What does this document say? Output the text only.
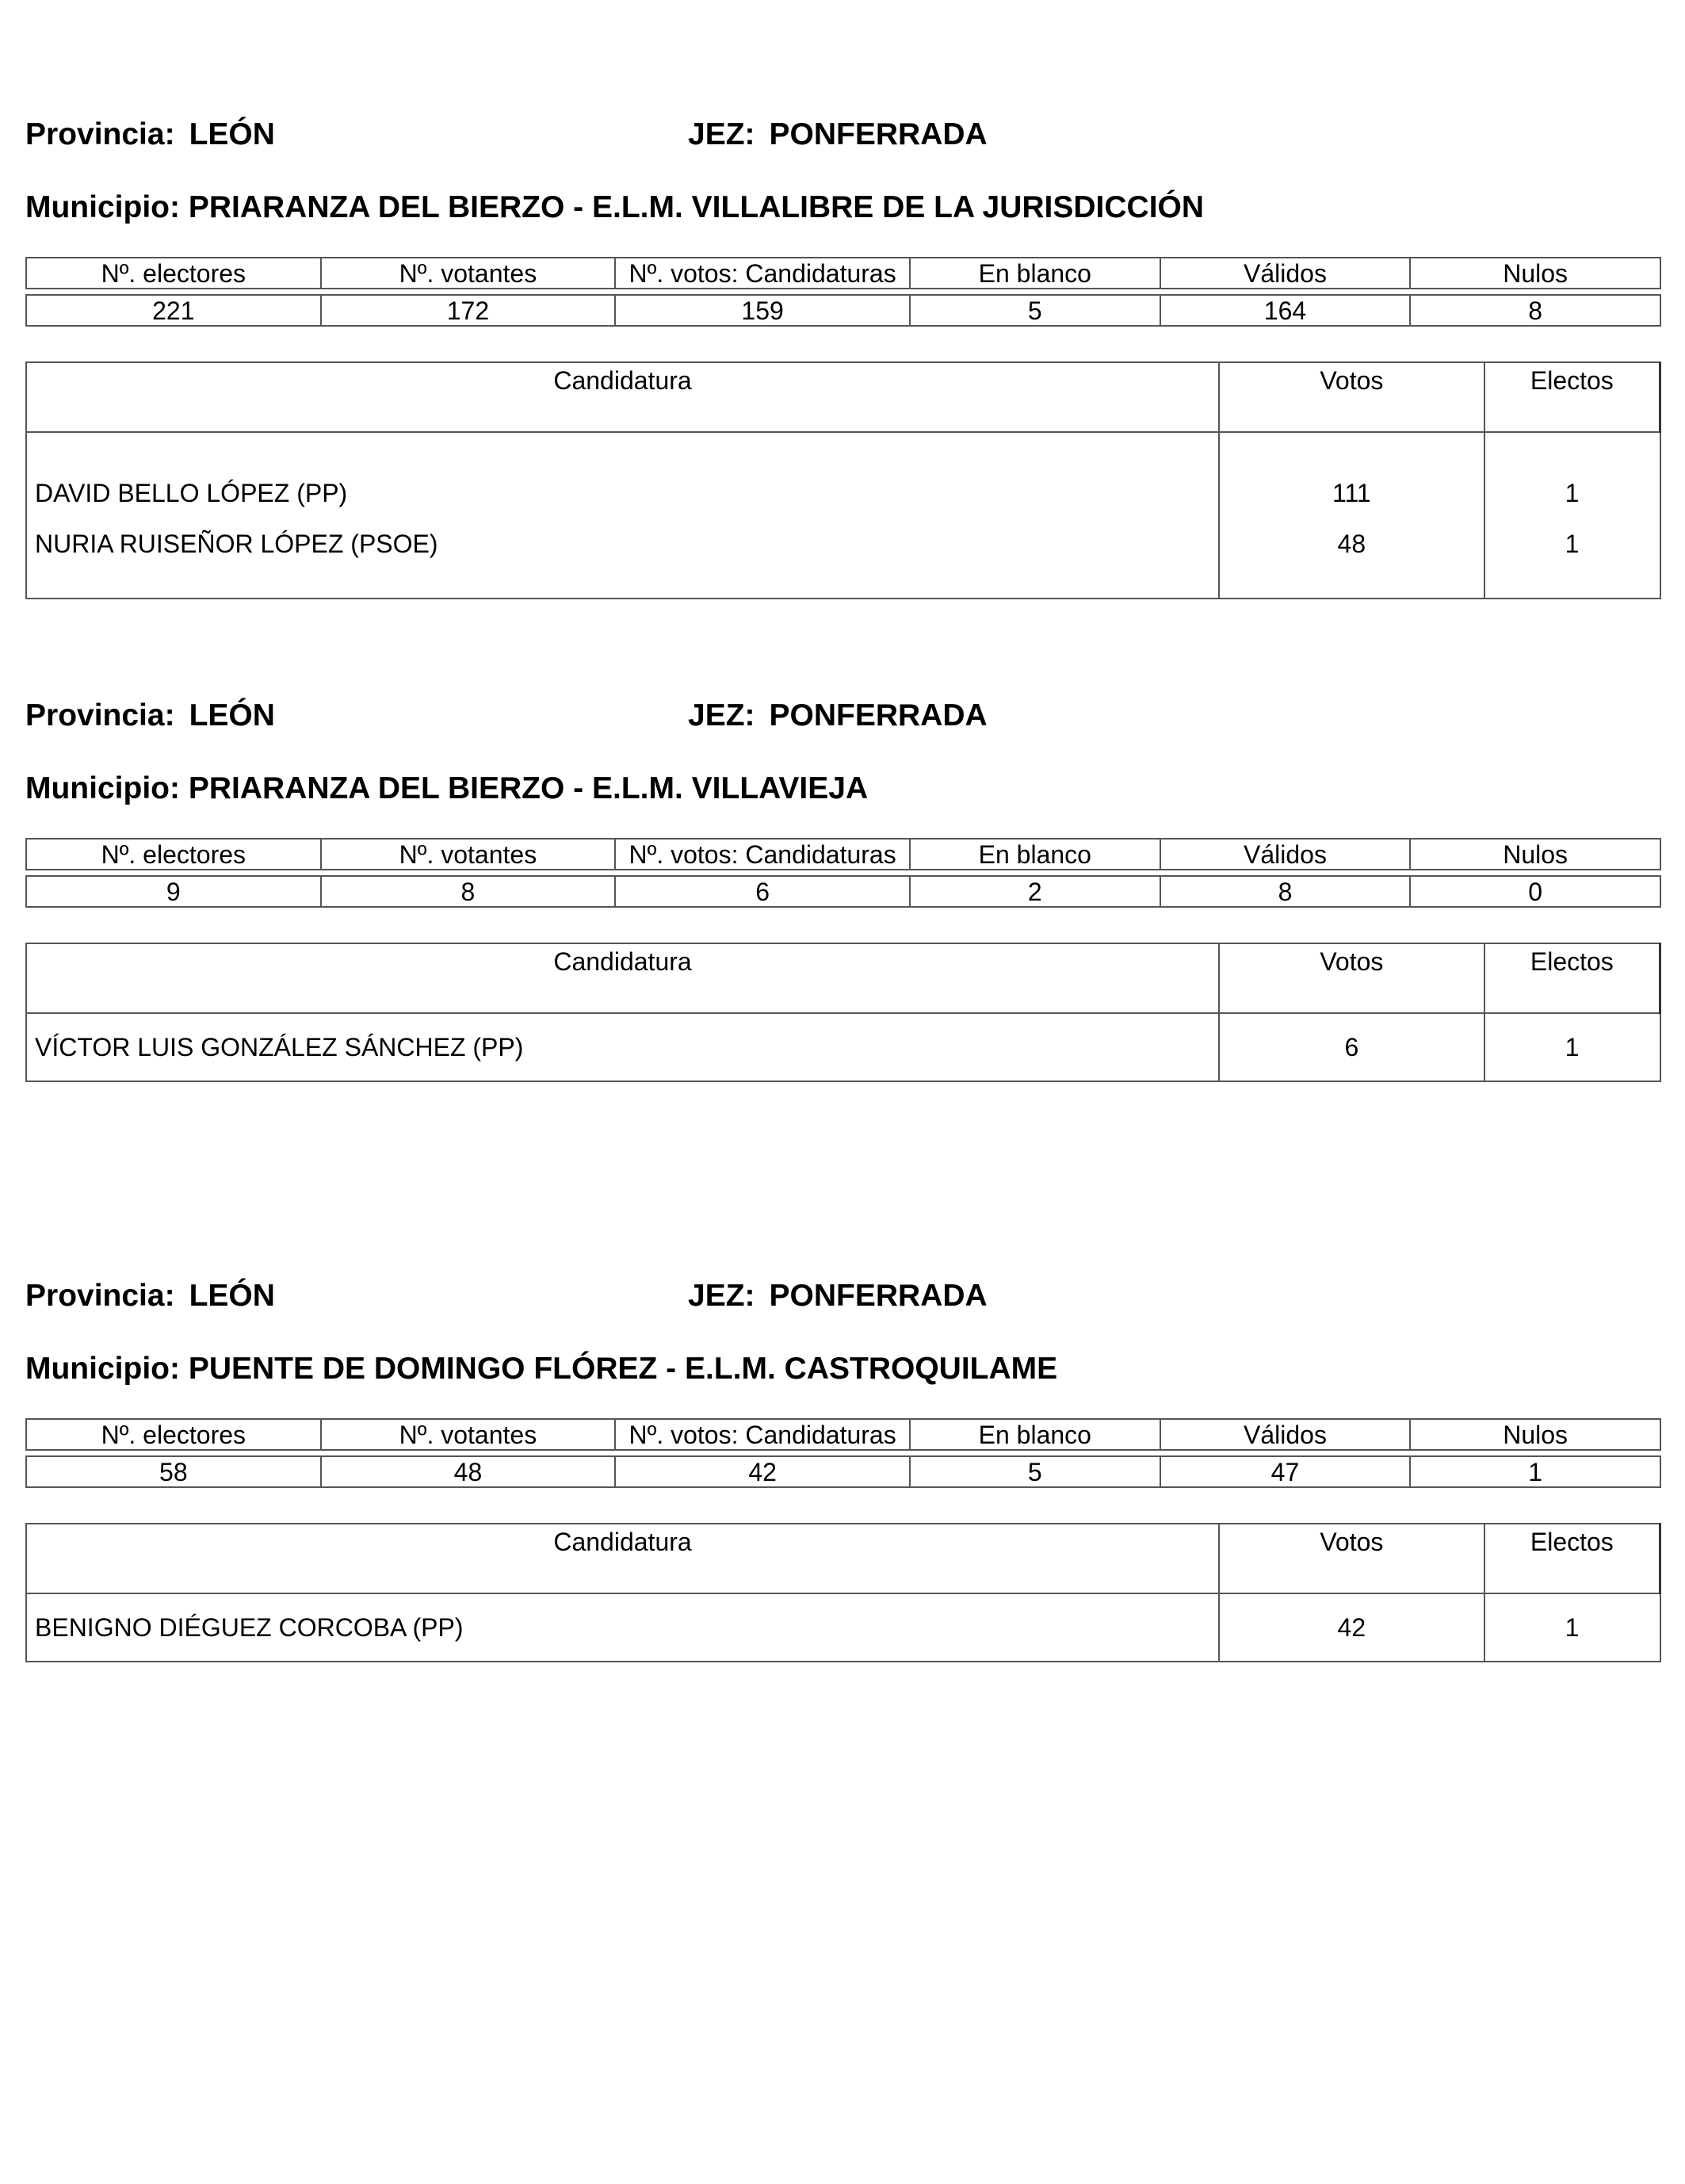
Provincia: LEÓN	JEZ: PONFERRADA
Municipio: PRIARANZA DEL BIERZO - E.L.M. VILLALIBRE DE LA JURISDICCIÓN
Nº. electores	Nº. votantes	Nº. votos: Candidaturas	En blanco	Válidos	Nulos

221	172	159	5	164	8
Candidatura	Votos	Electos
DAVID BELLO LÓPEZ (PP)	111	1
NURIA RUISEÑOR LÓPEZ (PSOE)	48	1
Provincia: LEÓN	JEZ: PONFERRADA
Municipio: PRIARANZA DEL BIERZO - E.L.M. VILLAVIEJA
Nº. electores	Nº. votantes	Nº. votos: Candidaturas	En blanco	Válidos	Nulos

9	8	6	2	8	0
Candidatura	Votos	Electos
VÍCTOR LUIS GONZÁLEZ SÁNCHEZ (PP)	6	1
Provincia: LEÓN	JEZ: PONFERRADA
Municipio: PUENTE DE DOMINGO FLÓREZ - E.L.M. CASTROQUILAME
Nº. electores	Nº. votantes	Nº. votos: Candidaturas	En blanco	Válidos	Nulos

58	48	42	5	47	1
Candidatura	Votos	Electos
BENIGNO DIÉGUEZ CORCOBA (PP)	42	1
